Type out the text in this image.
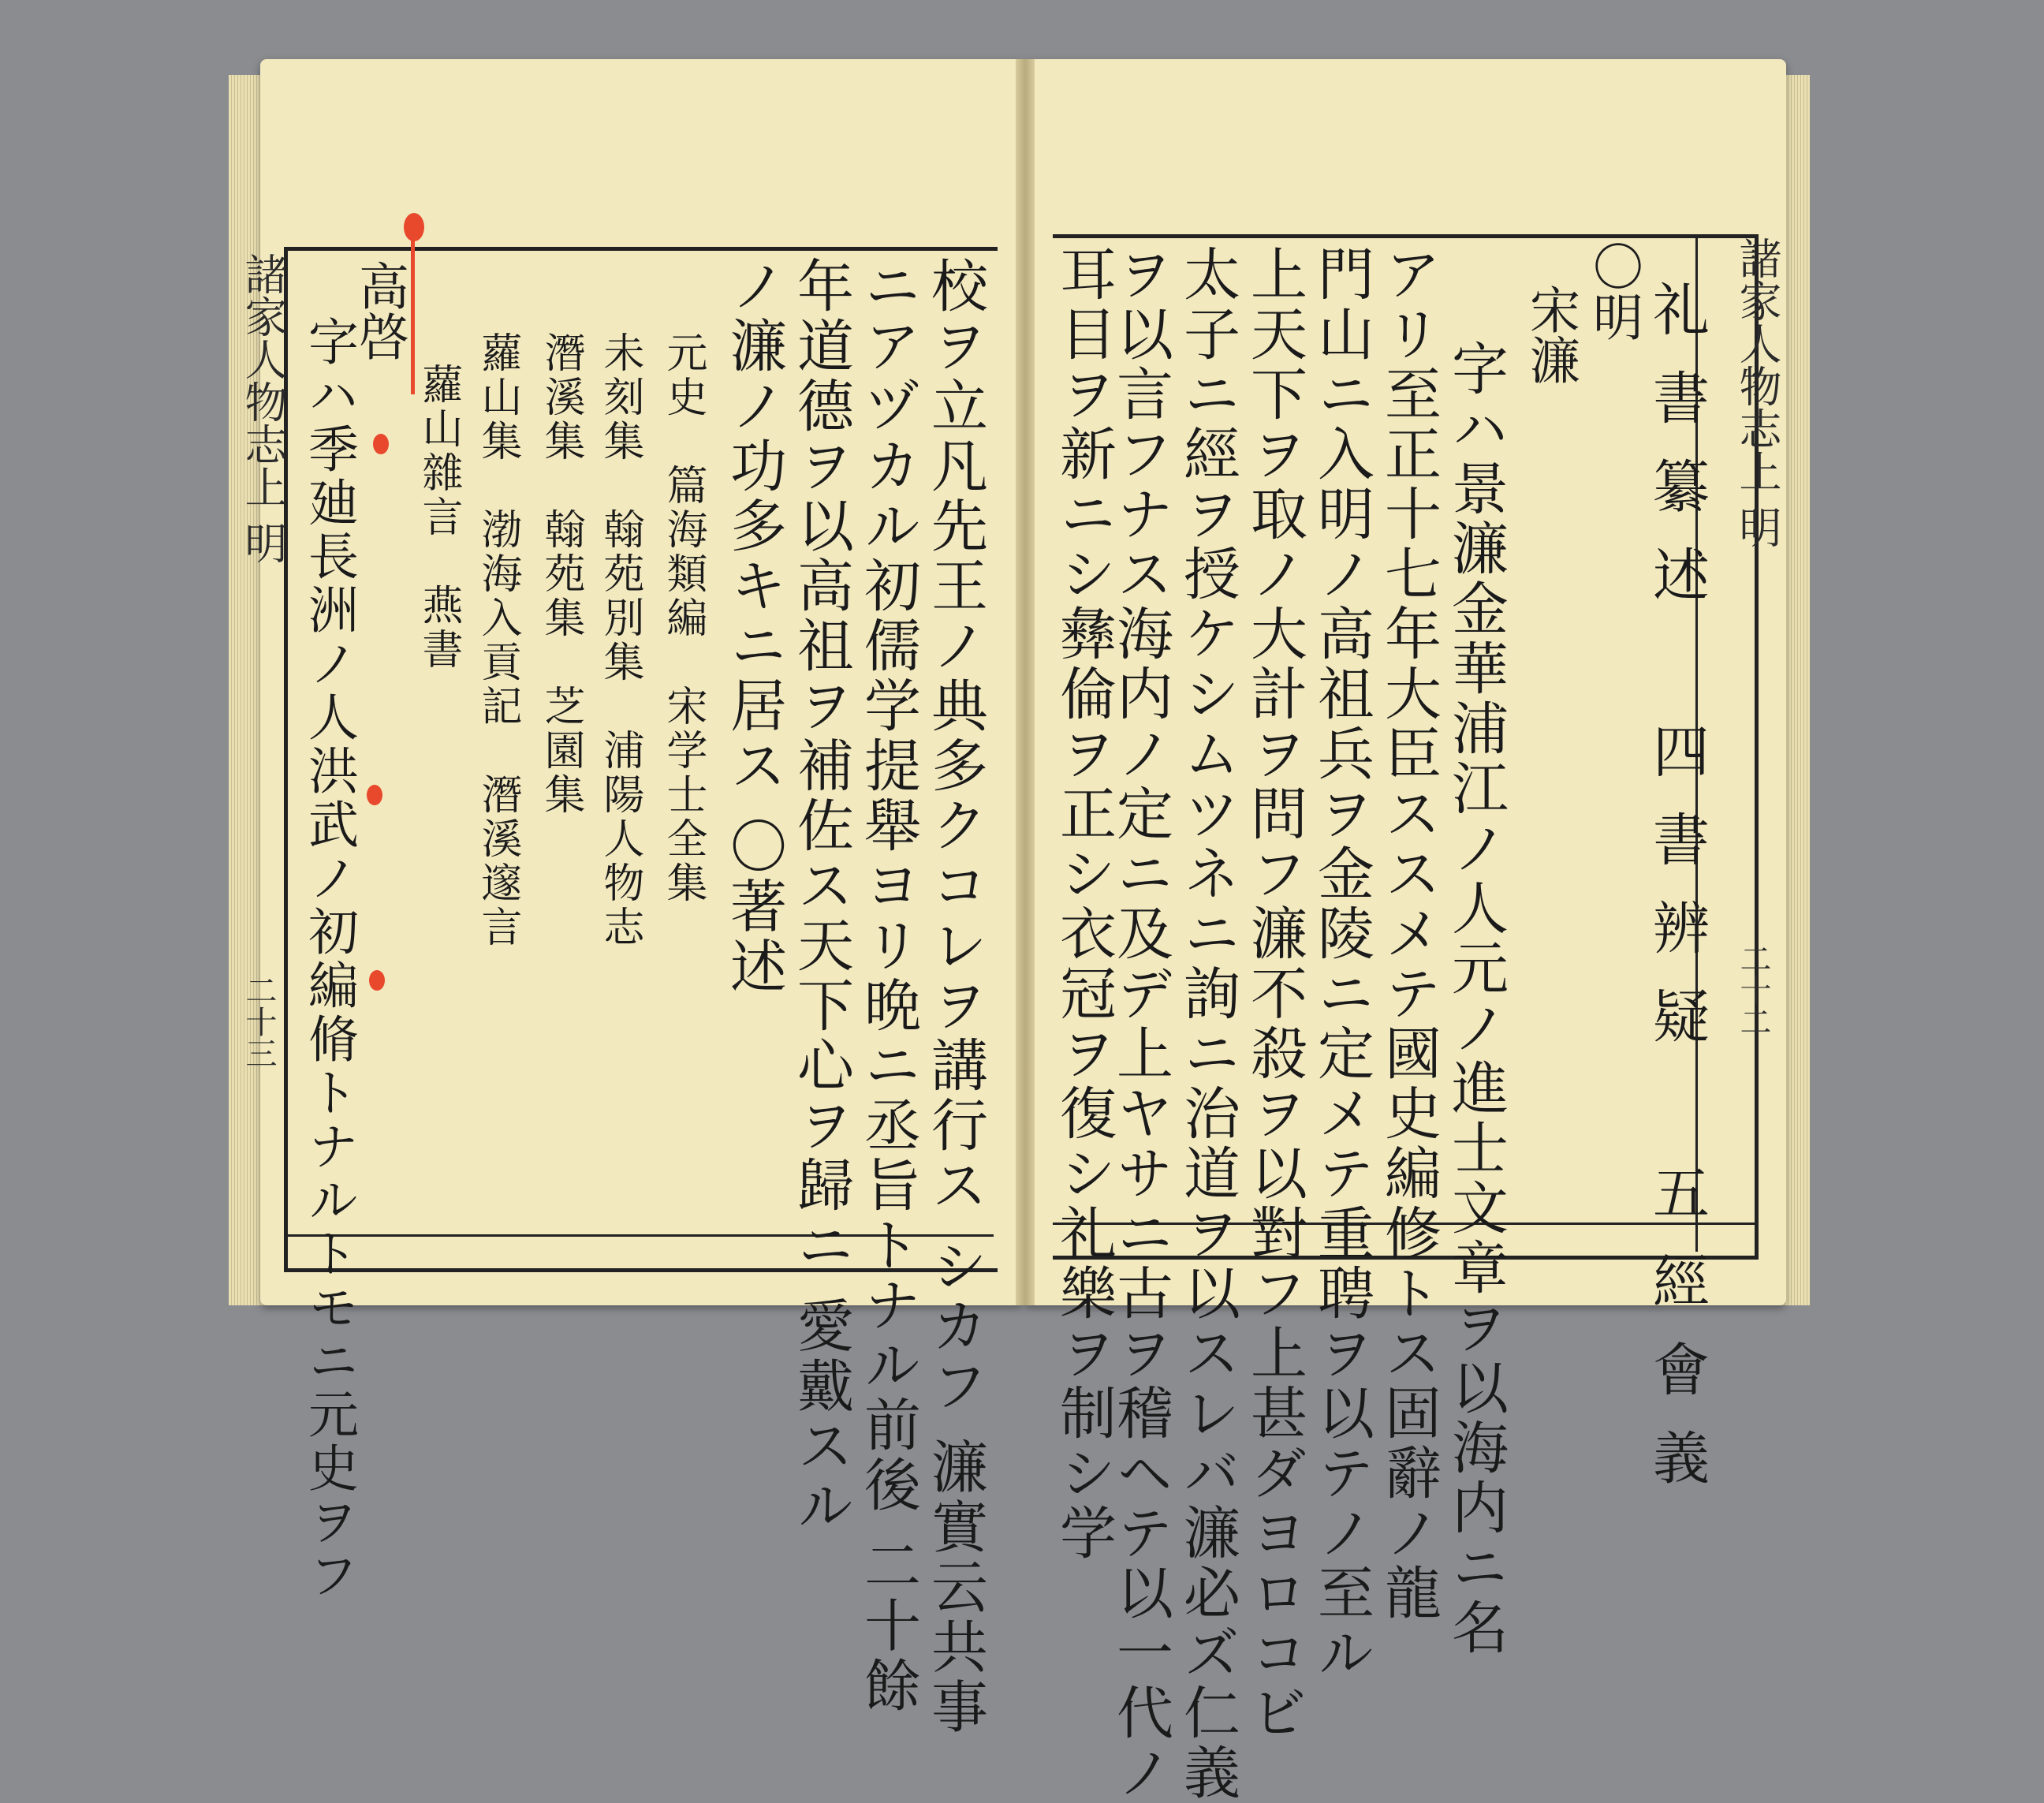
諸家人物志上 明
二十三	校ヲ立凡先王ノ典多クコレヲ講行ス シカフ 濂實云共事
ニアヅカル初儒学提舉ヨリ晩ニ丞旨トナル前後 二十餘
年道德ヲ以高祖ヲ補佐ス天下心ヲ歸ニ 愛戴スル
ノ濂ノ功多キニ居ス 〇著述
元史　篇海類編　宋学士全集
未刻集　翰苑別集　浦陽人物志
潛溪集　翰苑集　芝園集
蘿山集　渤海入貢記　潛溪邃言
蘿山雜言　燕書
高啓
字ハ季廸長洲ノ人洪武ノ初編脩トナルトモニ元史ヲフ	諸家人物志上 明
二十二
礼書纂述　四書辨疑　五經會義
〇明
宋濂
字ハ景濂金華浦江ノ人元ノ進士文章ヲ以海内ニ名
アリ至正十七年大臣ススメテ國史編修トス固辭ノ龍
門山ニ入明ノ高祖兵ヲ金陵ニ定メテ重聘ヲ以テノ至ル
上天下ヲ取ノ大計ヲ問フ濂不殺ヲ以對フ上甚ダヨロコビ
太子ニ經ヲ授ケシムツネニ詢ニ治道ヲ以スレバ濂必ズ仁義
ヲ以言フナス海内ノ定ニ及デ上ヤサニ古ヲ稽ヘテ以一代ノ
耳目ヲ新ニシ彝倫ヲ正シ衣冠ヲ復シ礼樂ヲ制シ学
